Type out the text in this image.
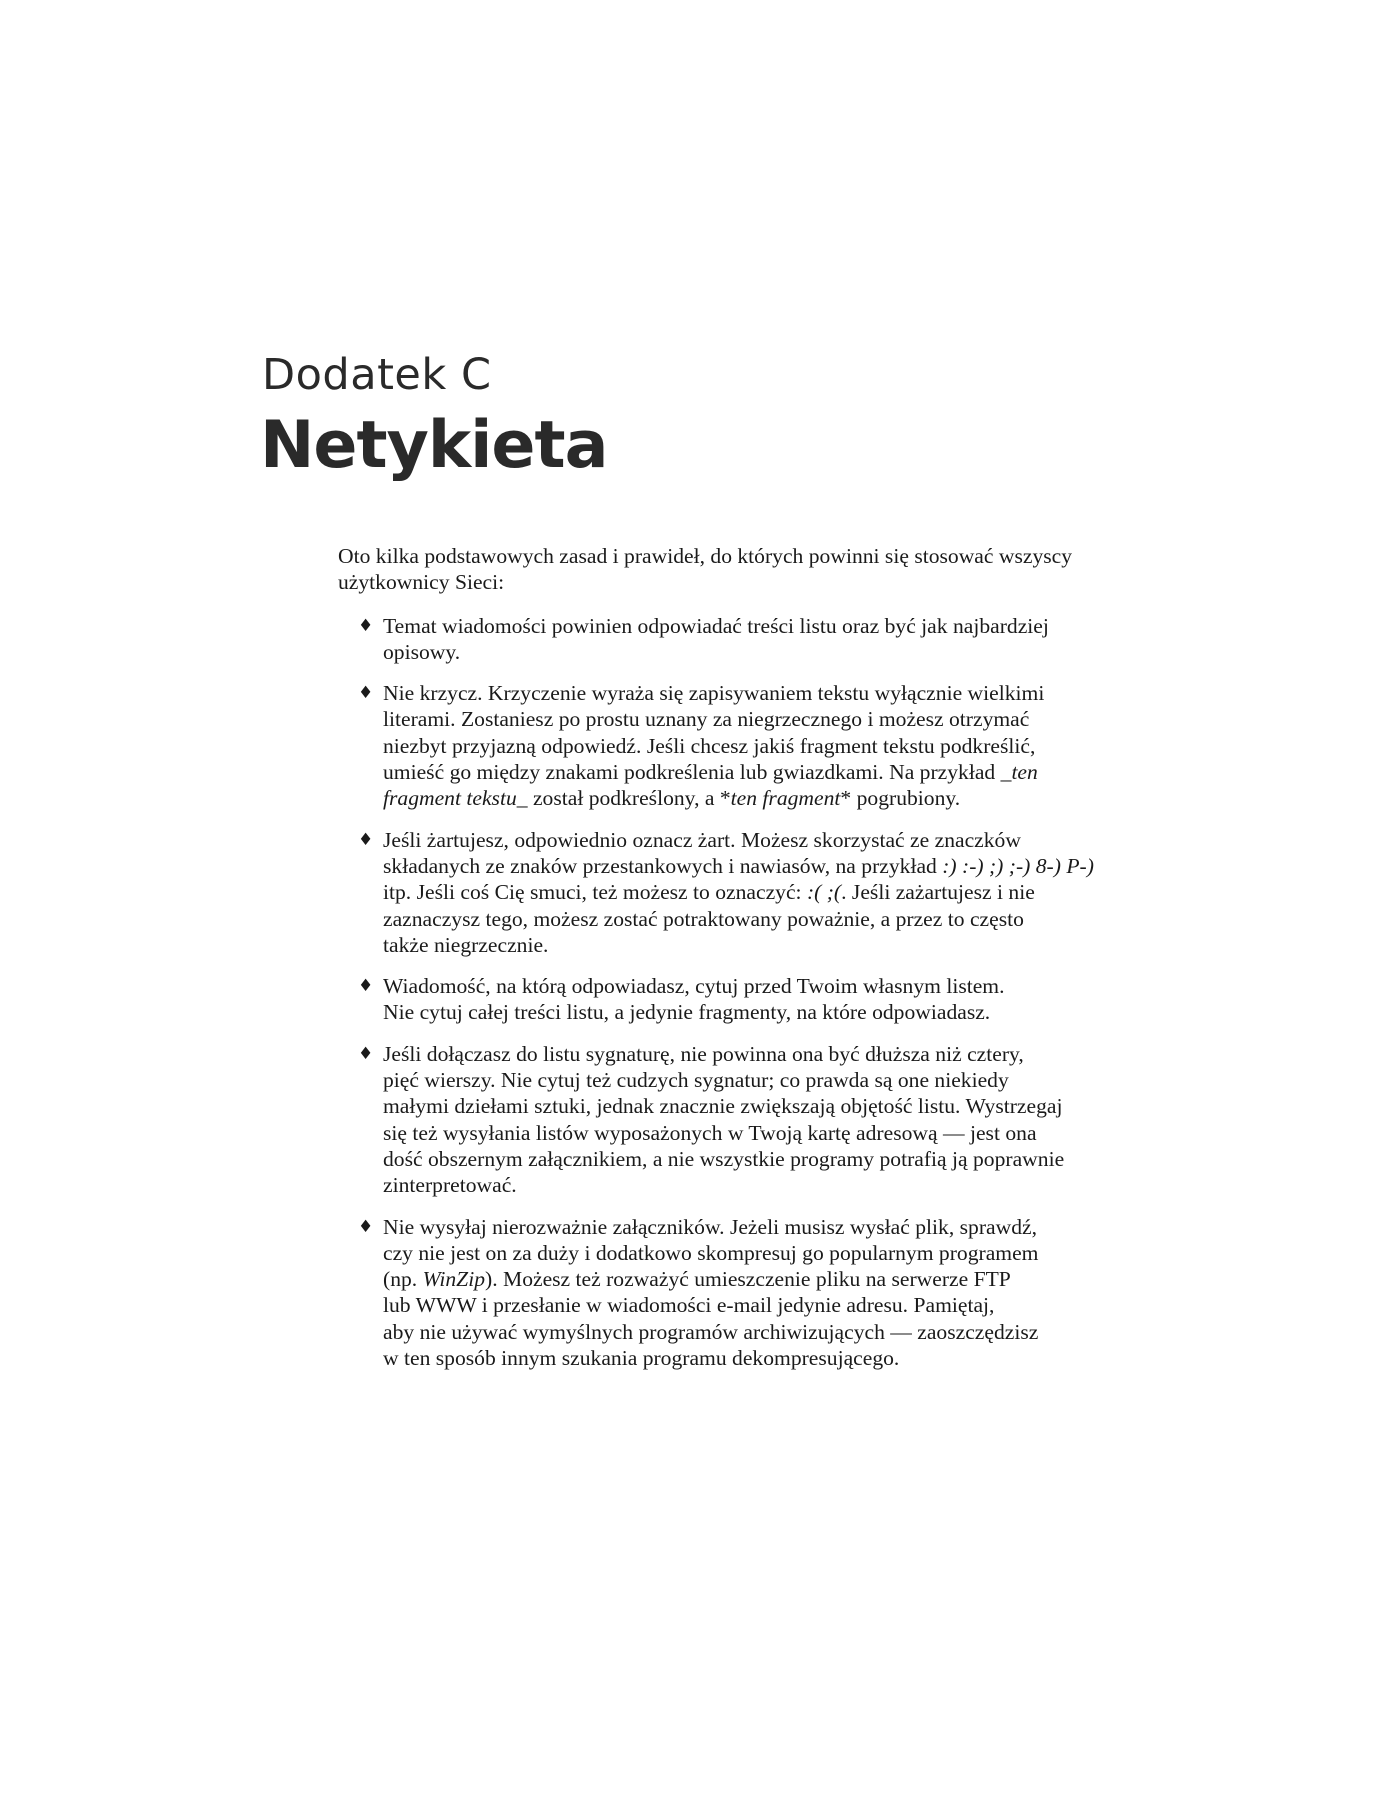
Dodatek C
Netykieta

Oto kilka podstawowych zasad i prawideł, do których powinni się stosować wszyscy
użytkownicy Sieci:

♦ Temat wiadomości powinien odpowiadać treści listu oraz być jak najbardziej
opisowy.
♦ Nie krzycz. Krzyczenie wyraża się zapisywaniem tekstu wyłącznie wielkimi
literami. Zostaniesz po prostu uznany za niegrzecznego i możesz otrzymać
niezbyt przyjazną odpowiedź. Jeśli chcesz jakiś fragment tekstu podkreślić,
umieść go między znakami podkreślenia lub gwiazdkami. Na przykład _ten
fragment tekstu_ został podkreślony, a *ten fragment* pogrubiony.
♦ Jeśli żartujesz, odpowiednio oznacz żart. Możesz skorzystać ze znaczków
składanych ze znaków przestankowych i nawiasów, na przykład :) :-) ;) ;-) 8-) P-)
itp. Jeśli coś Cię smuci, też możesz to oznaczyć: :( ;(. Jeśli zażartujesz i nie
zaznaczysz tego, możesz zostać potraktowany poważnie, a przez to często
także niegrzecznie.
♦ Wiadomość, na którą odpowiadasz, cytuj przed Twoim własnym listem.
Nie cytuj całej treści listu, a jedynie fragmenty, na które odpowiadasz.
♦ Jeśli dołączasz do listu sygnaturę, nie powinna ona być dłuższa niż cztery,
pięć wierszy. Nie cytuj też cudzych sygnatur; co prawda są one niekiedy
małymi dziełami sztuki, jednak znacznie zwiększają objętość listu. Wystrzegaj
się też wysyłania listów wyposażonych w Twoją kartę adresową — jest ona
dość obszernym załącznikiem, a nie wszystkie programy potrafią ją poprawnie
zinterpretować.
♦ Nie wysyłaj nierozważnie załączników. Jeżeli musisz wysłać plik, sprawdź,
czy nie jest on za duży i dodatkowo skompresuj go popularnym programem
(np. WinZip). Możesz też rozważyć umieszczenie pliku na serwerze FTP
lub WWW i przesłanie w wiadomości e-mail jedynie adresu. Pamiętaj,
aby nie używać wymyślnych programów archiwizujących — zaoszczędzisz
w ten sposób innym szukania programu dekompresującego.
